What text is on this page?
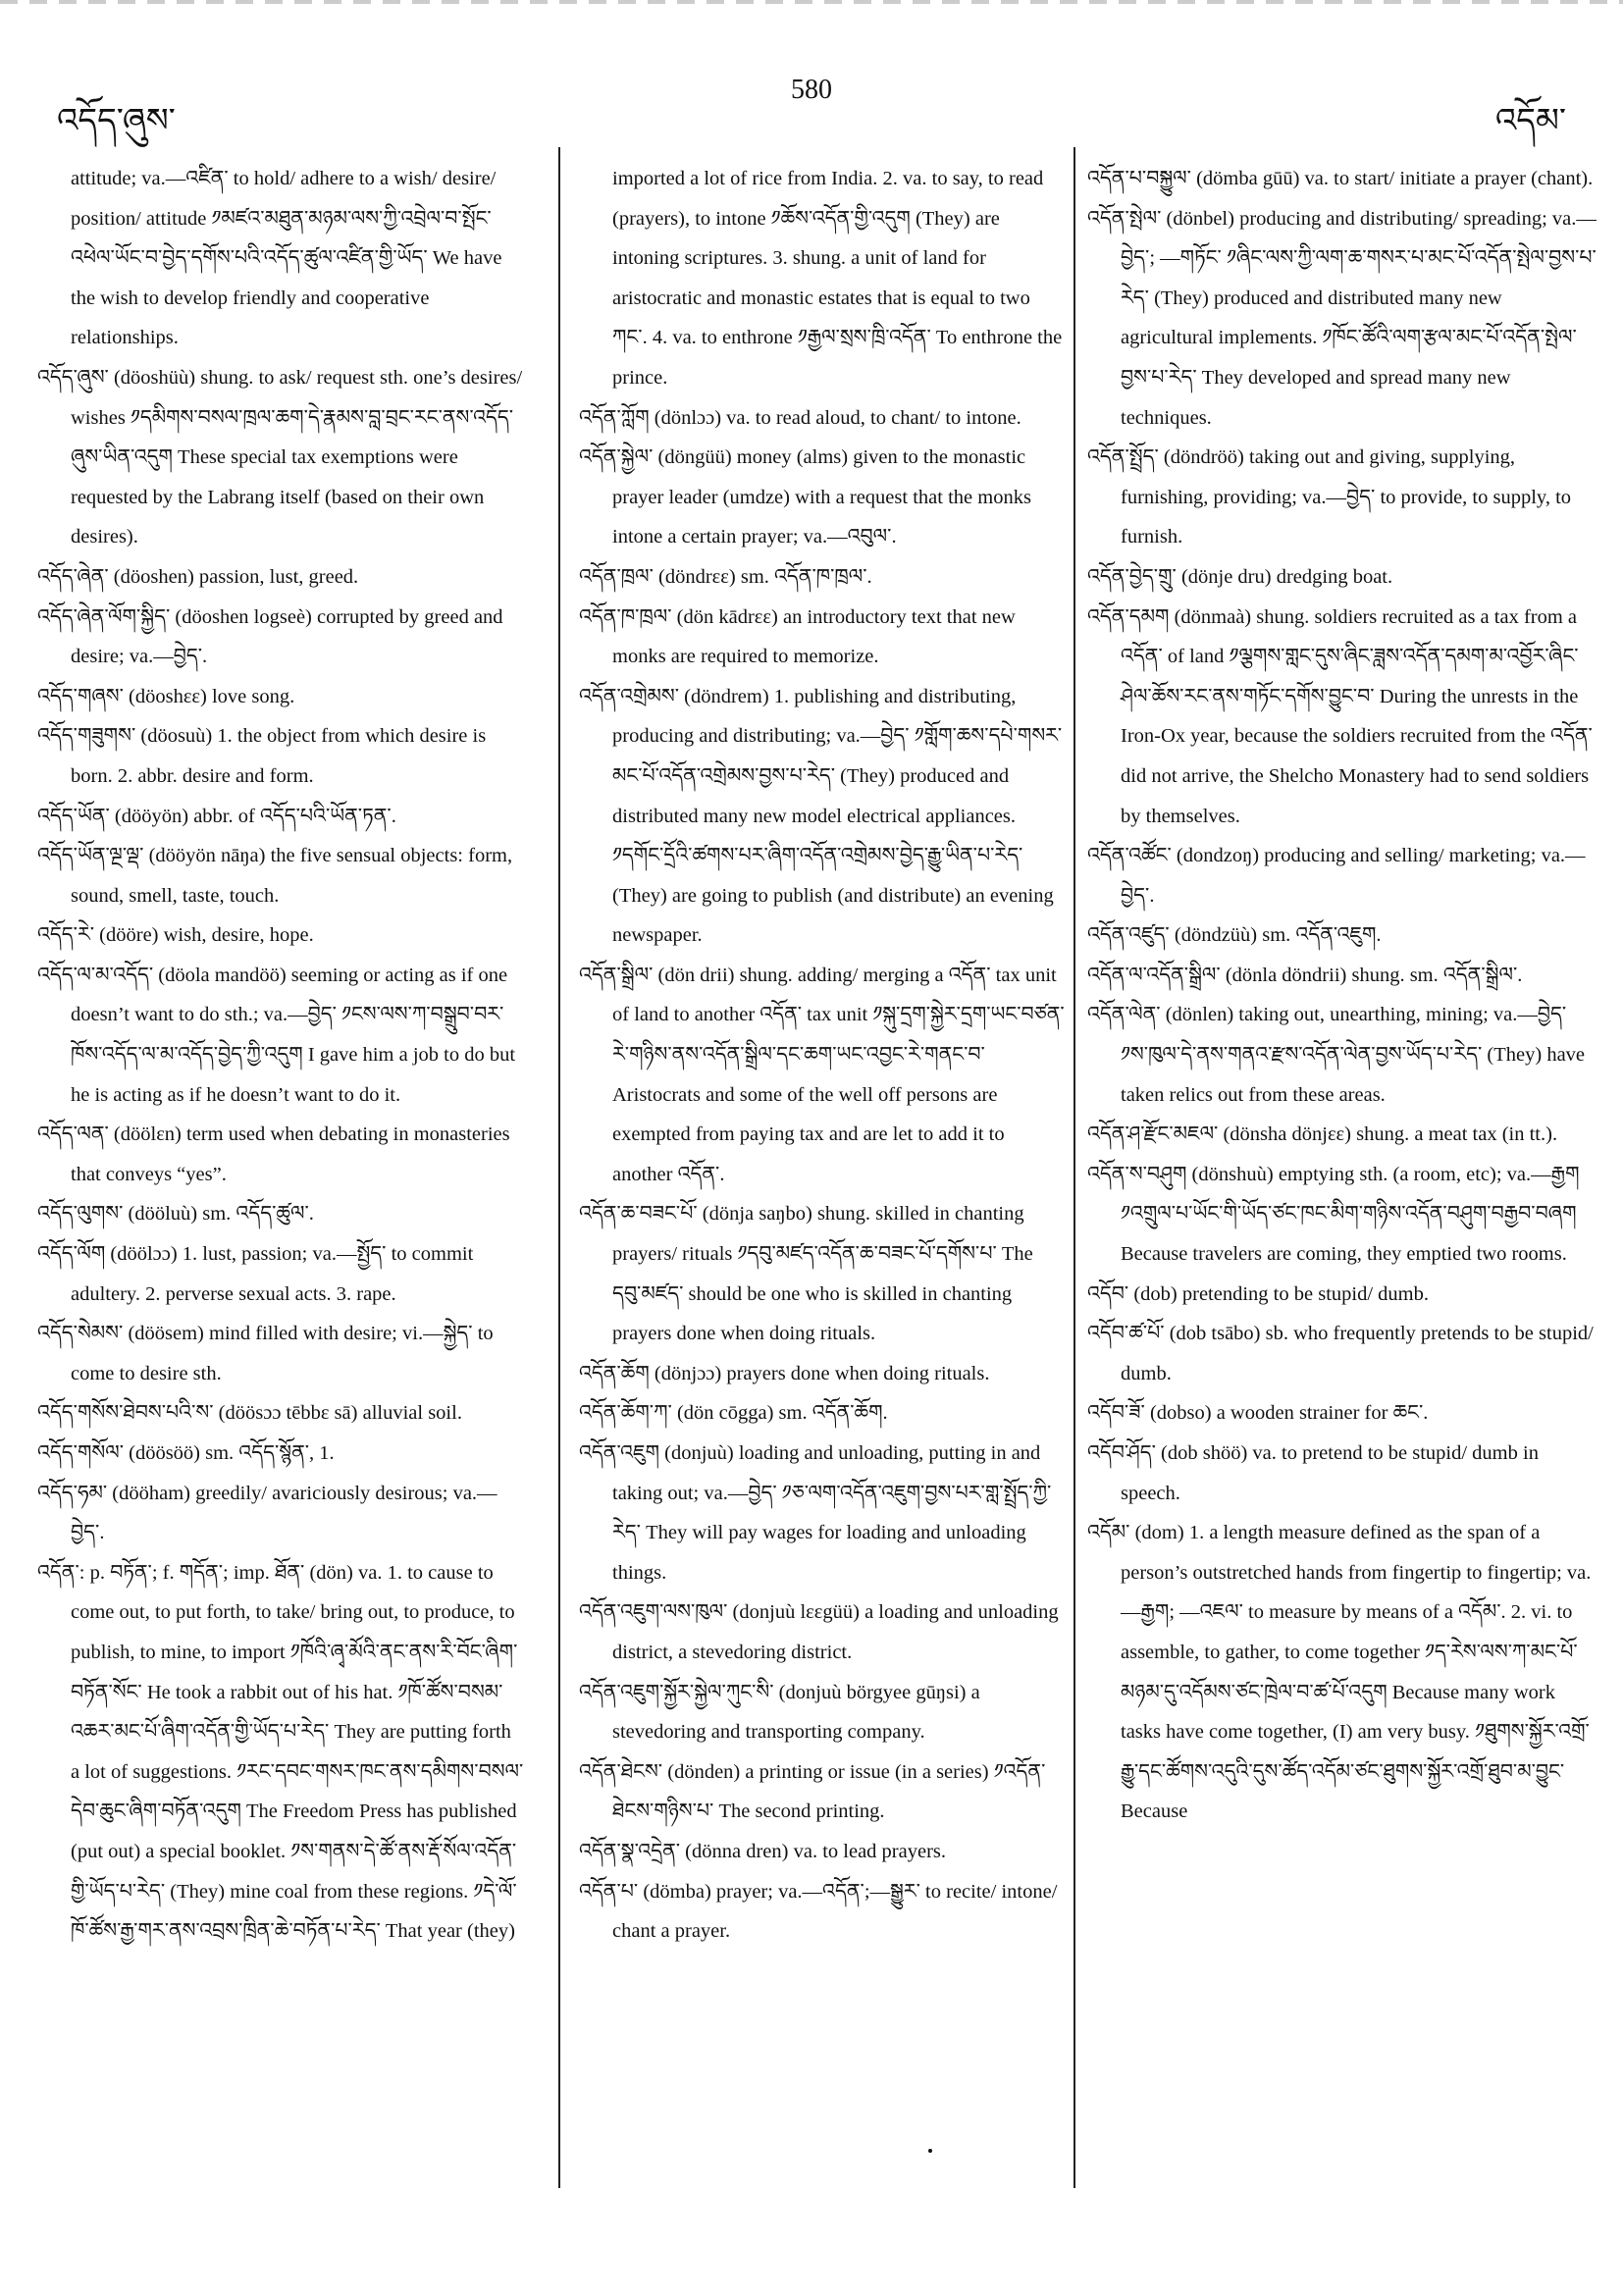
འདོད་ཞུས་
580
འདོམ་

attitude; va.—འཛིན་ to hold/ adhere to a wish/ desire/ position/ attitude ༡མཛའ་མཐུན་མཉམ་ལས་ཀྱི་འབྲེལ་བ་སྤོང་འཕེལ་ཡོང་བ་བྱེད་དགོས་པའི་འདོད་ཚུལ་འཛིན་གྱི་ཡོད་ We have the wish to develop friendly and cooperative relationships.

འདོད་ཞུས་ (döoshüù) shung. to ask/ request sth. one’s desires/ wishes ༡དམིགས་བསལ་ཁྲལ་ཆག་དེ་རྣམས་བླ་བྲང་རང་ནས་འདོད་ཞུས་ཡིན་འདུག These special tax exemptions were requested by the Labrang itself (based on their own desires).

འདོད་ཞེན་ (döoshen) passion, lust, greed.

འདོད་ཞེན་ལོག་སྐྱིད་ (döoshen logseè) corrupted by greed and desire; va.—བྱེད་.

འདོད་གཞས་ (döoshεε) love song.

འདོད་གཟུགས་ (döosuù) 1. the object from which desire is born. 2. abbr. desire and form.

འདོད་ཡོན་ (dööyön) abbr. of འདོད་པའི་ཡོན་ཏན་.

འདོད་ཡོན་ལྔ་ལྡ་ (dööyön nāŋa) the five sensual objects: form, sound, smell, taste, touch.

འདོད་རེ་ (dööre) wish, desire, hope.

འདོད་ལ་མ་འདོད་ (döola mandöö) seeming or acting as if one doesn’t want to do sth.; va.—བྱེད་ ༡ངས་ལས་ཀ་བསྒྲུབ་བར་ཁོས་འདོད་ལ་མ་འདོད་བྱེད་ཀྱི་འདུག I gave him a job to do but he is acting as if he doesn’t want to do it.

འདོད་ལན་ (döölεn) term used when debating in monasteries that conveys “yes”.

འདོད་ལུགས་ (dööluù) sm. འདོད་ཚུལ་.

འདོད་ལོག (döölɔɔ) 1. lust, passion; va.—སྤྱོད་ to commit adultery. 2. perverse sexual acts. 3. rape.

འདོད་སེམས་ (döösem) mind filled with desire; vi.—སྐྱེད་ to come to desire sth.

འདོད་གསོས་ཐེབས་པའི་ས་ (döösɔɔ tēbbε sā) alluvial soil.

འདོད་གསོལ་ (döösöö) sm. འདོད་སྙོན་, 1.

འདོད་ཧམ་ (dööham) greedily/ avariciously desirous; va.—བྱེད་.

འདོན་: p. བཏོན་; f. གདོན་; imp. ཐོན་ (dön) va. 1. to cause to come out, to put forth, to take/ bring out, to produce, to publish, to mine, to import ༡ཁོའི་ཞྭ་མོའི་ནང་ནས་རི་བོང་ཞིག་བཏོན་སོང་ He took a rabbit out of his hat. ༡ཁོ་ཚོས་བསམ་འཆར་མང་པོ་ཞིག་འདོན་གྱི་ཡོད་པ་རེད་ They are putting forth a lot of suggestions. ༡རང་དབང་གསར་ཁང་ནས་དམིགས་བསལ་དེབ་ཆུང་ཞིག་བཏོན་འདུག The Freedom Press has published (put out) a special booklet. ༡ས་གནས་དེ་ཚོ་ནས་རྡོ་སོལ་འདོན་གྱི་ཡོད་པ་རེད་ (They) mine coal from these regions. ༡དེ་ལོ་ཁོ་ཚོས་རྒྱ་གར་ནས་འབྲས་ཁྲིན་ཆེ་བཏོན་པ་རེད་ That year (they)

imported a lot of rice from India. 2. va. to say, to read (prayers), to intone ༡ཆོས་འདོན་གྱི་འདུག (They) are intoning scriptures. 3. shung. a unit of land for aristocratic and monastic estates that is equal to two ཀང་. 4. va. to enthrone ༡རྒྱལ་སྲས་ཁྲི་འདོན་ To enthrone the prince.

འདོན་ཀློག (dönlɔɔ) va. to read aloud, to chant/ to intone.

འདོན་སྐྱེལ་ (döngüü) money (alms) given to the monastic prayer leader (umdze) with a request that the monks intone a certain prayer; va.—འབུལ་.

འདོན་ཁྲལ་ (döndrεε) sm. འདོན་ཁ་ཁྲལ་.

འདོན་ཁ་ཁྲལ་ (dön kādrεε) an introductory text that new monks are required to memorize.

འདོན་འགྲེམས་ (döndrem) 1. publishing and distributing, producing and distributing; va.—བྱེད་ ༡གློག་ཆས་དཔེ་གསར་མང་པོ་འདོན་འགྲེམས་བྱས་པ་རེད་ (They) produced and distributed many new model electrical appliances. ༡དགོང་དྲོའི་ཚགས་པར་ཞིག་འདོན་འགྲེམས་བྱེད་རྒྱུ་ཡིན་པ་རེད་ (They) are going to publish (and distribute) an evening newspaper.

འདོན་སྒྲིལ་ (dön drii) shung. adding/ merging a འདོན་ tax unit of land to another འདོན་ tax unit ༡སྐུ་དྲག་སྐྱེར་དྲག་ཡང་བཙན་རེ་གཉིས་ནས་འདོན་སྒྲིལ་དང་ཆག་ཡང་འབྱང་རེ་གནང་བ་ Aristocrats and some of the well off persons are exempted from paying tax and are let to add it to another འདོན་.

འདོན་ཆ་བཟང་པོ་ (dönja saŋbo) shung. skilled in chanting prayers/ rituals ༡དབུ་མཛད་འདོན་ཆ་བཟང་པོ་དགོས་པ་ The དབུ་མཛད་ should be one who is skilled in chanting prayers done when doing rituals.

འདོན་ཆོག (dönjɔɔ) prayers done when doing rituals.

འདོན་ཆོག་ཀ་ (dön cōgga) sm. འདོན་ཆོག.

འདོན་འཇུག (donjuù) loading and unloading, putting in and taking out; va.—བྱེད་ ༡ཅ་ལག་འདོན་འཇུག་བྱས་པར་གླ་སྤྲོད་ཀྱི་རེད་ They will pay wages for loading and unloading things.

འདོན་འཇུག་ལས་ཁུལ་ (donjuù lεεgüü) a loading and unloading district, a stevedoring district.

འདོན་འཇུག་སྐྱོར་སྐྱེལ་ཀུང་སི་ (donjuù börgyee gūŋsi) a stevedoring and transporting company.

འདོན་ཐེངས་ (dönden) a printing or issue (in a series) ༡འདོན་ཐེངས་གཉིས་པ་ The second printing.

འདོན་སྣ་འདྲེན་ (dönna dren) va. to lead prayers.

འདོན་པ་ (dömba) prayer; va.—འདོན་;—སྒྱུར་ to recite/ intone/ chant a prayer.

འདོན་པ་བསྐྱུལ་ (dömba gūū) va. to start/ initiate a prayer (chant).

འདོན་སྤེལ་ (dönbel) producing and distributing/ spreading; va.—བྱེད་; —གཏོང་ ༡ཞིང་ལས་ཀྱི་ལག་ཆ་གསར་པ་མང་པོ་འདོན་སྤེལ་བྱས་པ་རེད་ (They) produced and distributed many new agricultural implements. ༡ཁོང་ཚོའི་ལག་རྩལ་མང་པོ་འདོན་སྤེལ་བྱས་པ་རེད་ They developed and spread many new techniques.

འདོན་སྤྲོད་ (döndröö) taking out and giving, supplying, furnishing, providing; va.—བྱེད་ to provide, to supply, to furnish.

འདོན་བྱེད་གྲུ་ (dönje dru) dredging boat.

འདོན་དམག (dönmaà) shung. soldiers recruited as a tax from a འདོན་ of land ༡ལྕགས་གླང་དུས་ཞིང་ཟླས་འདོན་དམག་མ་འབྱོར་ཞིང་ཤེལ་ཆོས་རང་ནས་གཏོང་དགོས་བྱུང་བ་ During the unrests in the Iron-Ox year, because the soldiers recruited from the འདོན་ did not arrive, the Shelcho Monastery had to send soldiers by themselves.

འདོན་འཚོང་ (dondzoŋ) producing and selling/ marketing; va.—བྱེད་.

འདོན་འཛུད་ (döndzüù) sm. འདོན་འཇུག.

འདོན་ལ་འདོན་སྒྲིལ་ (dönla döndrii) shung. sm. འདོན་སྒྲིལ་.

འདོན་ལེན་ (dönlen) taking out, unearthing, mining; va.—བྱེད་ ༡ས་ཁུལ་དེ་ནས་གནའ་རྫས་འདོན་ལེན་བྱས་ཡོད་པ་རེད་ (They) have taken relics out from these areas.

འདོན་ཤ་རྫོང་མཇལ་ (dönsha dönjεε) shung. a meat tax (in tt.).

འདོན་ས་བཤུག (dönshuù) emptying sth. (a room, etc); va.—རྒྱག ༡འགྲུལ་པ་ཡོང་གི་ཡོད་ཙང་ཁང་མིག་གཉིས་འདོན་བཤུག་བརྒྱབ་བཞག Because travelers are coming, they emptied two rooms.

འདོབ་ (dob) pretending to be stupid/ dumb.

འདོབ་ཚ་པོ་ (dob tsābo) sb. who frequently pretends to be stupid/ dumb.

འདོབ་ཟོ་ (dobso) a wooden strainer for ཆང་.

འདོབ་ཤོད་ (dob shöö) va. to pretend to be stupid/ dumb in speech.

འདོམ་ (dom) 1. a length measure defined as the span of a person’s outstretched hands from fingertip to fingertip; va.—རྒྱག; —འཇལ་ to measure by means of a འདོམ་. 2. vi. to assemble, to gather, to come together ༡ད་རེས་ལས་ཀ་མང་པོ་མཉམ་དུ་འདོམས་ཙང་ཁྲེལ་བ་ཚ་པོ་འདུག Because many work tasks have come together, (I) am very busy. ༡ཐུགས་སྐྱོར་འགྲོ་རྒྱུ་དང་ཚོགས་འདུའི་དུས་ཚོད་འདོམ་ཙང་ཐུགས་སྐྱོར་འགྲོ་ཐུབ་མ་བྱུང་ Because
